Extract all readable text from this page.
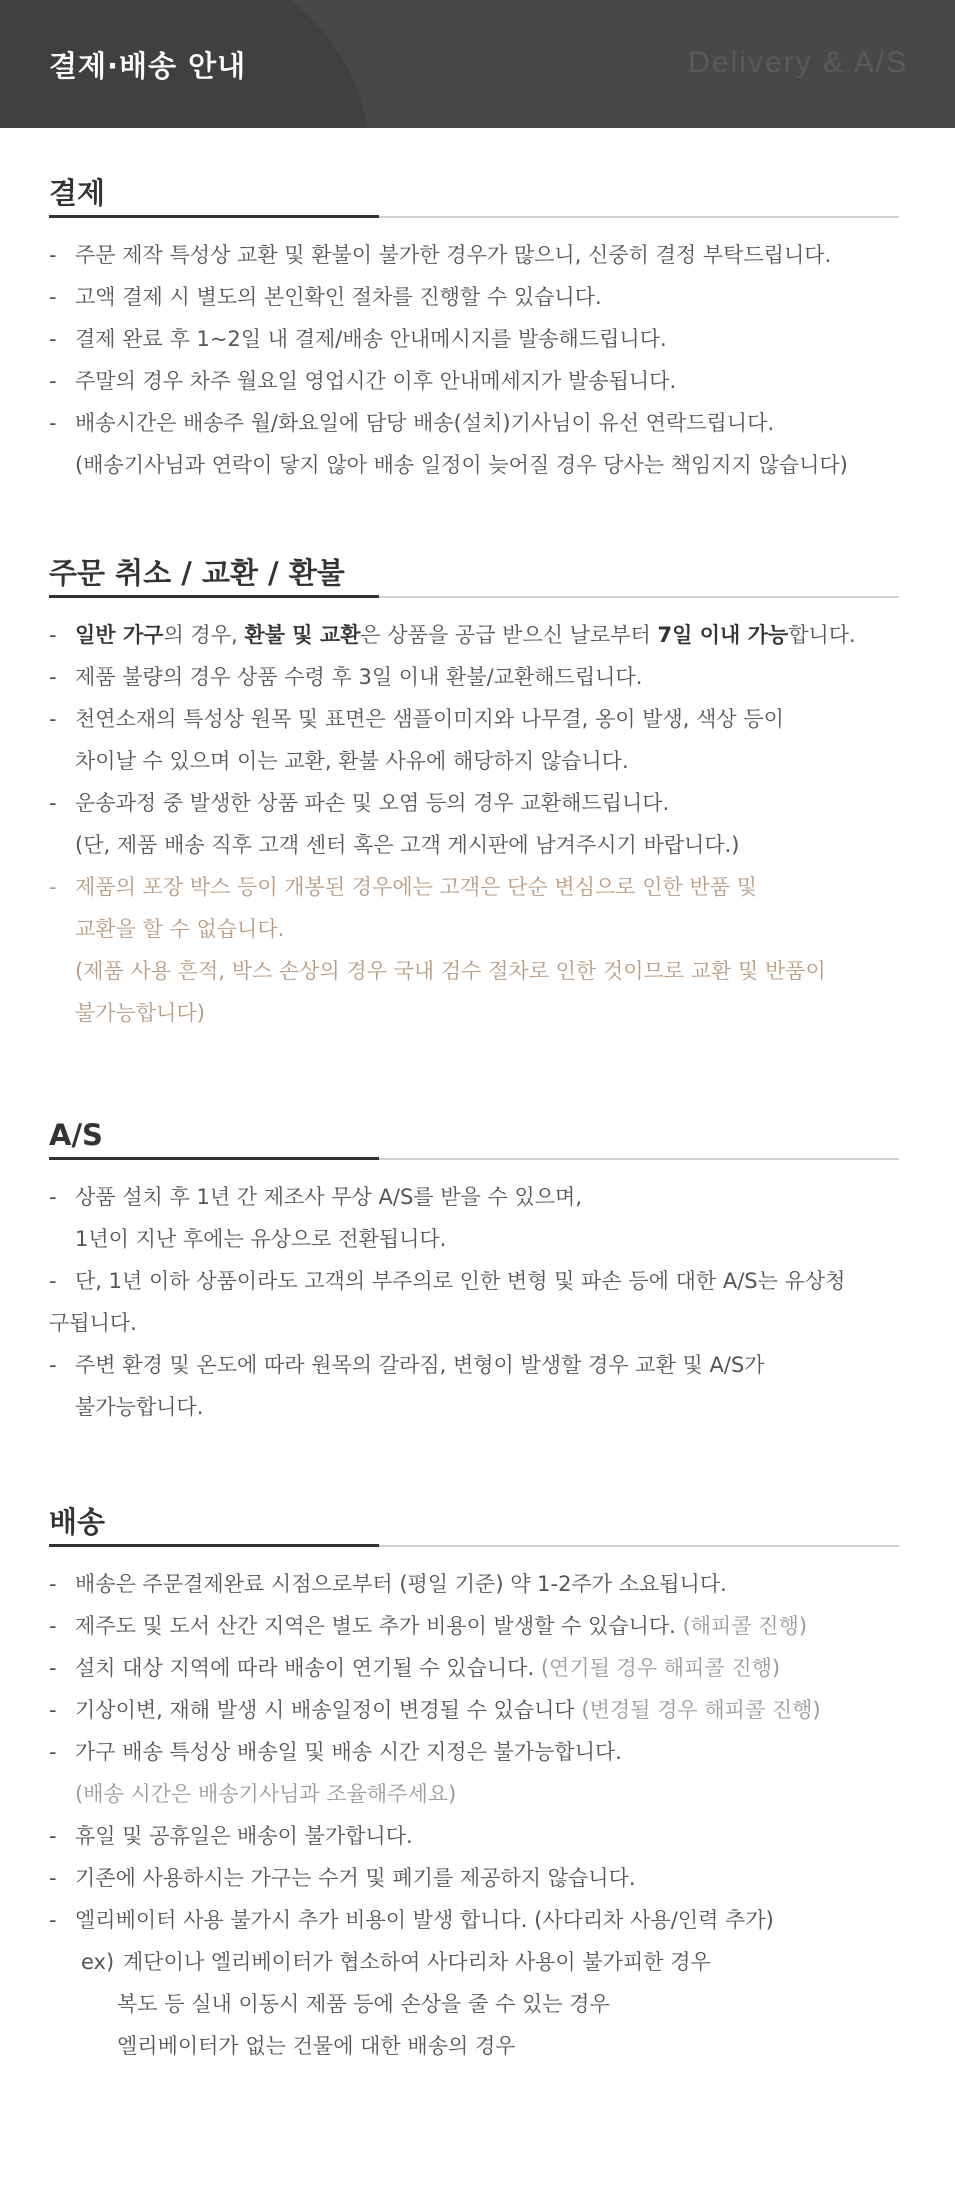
결제·배송 안내	Delivery & A/S
결제
- 주문 제작 특성상 교환 및 환불이 불가한 경우가 많으니, 신중히 결정 부탁드립니다.
- 고액 결제 시 별도의 본인확인 절차를 진행할 수 있습니다.
- 결제 완료 후 1~2일 내 결제/배송 안내메시지를 발송해드립니다.
- 주말의 경우 차주 월요일 영업시간 이후 안내메세지가 발송됩니다.
- 배송시간은 배송주 월/화요일에 담당 배송(설치)기사님이 유선 연락드립니다.
(배송기사님과 연락이 닿지 않아 배송 일정이 늦어질 경우 당사는 책임지지 않습니다)
주문 취소 / 교환 / 환불
- 일반 가구의 경우, 환불 및 교환은 상품을 공급 받으신 날로부터 7일 이내 가능합니다.
- 제품 불량의 경우 상품 수령 후 3일 이내 환불/교환해드립니다.
- 천연소재의 특성상 원목 및 표면은 샘플이미지와 나무결, 옹이 발생, 색상 등이
차이날 수 있으며 이는 교환, 환불 사유에 해당하지 않습니다.
- 운송과정 중 발생한 상품 파손 및 오염 등의 경우 교환해드립니다.
(단, 제품 배송 직후 고객 센터 혹은 고객 게시판에 남겨주시기 바랍니다.)
- 제품의 포장 박스 등이 개봉된 경우에는 고객은 단순 변심으로 인한 반품 및
교환을 할 수 없습니다.
(제품 사용 흔적, 박스 손상의 경우 국내 검수 절차로 인한 것이므로 교환 및 반품이
불가능합니다)
A/S
- 상품 설치 후 1년 간 제조사 무상 A/S를 받을 수 있으며,
1년이 지난 후에는 유상으로 전환됩니다.
- 단, 1년 이하 상품이라도 고객의 부주의로 인한 변형 및 파손 등에 대한 A/S는 유상청
구됩니다.
- 주변 환경 및 온도에 따라 원목의 갈라짐, 변형이 발생할 경우 교환 및 A/S가
불가능합니다.
배송
- 배송은 주문결제완료 시점으로부터 (평일 기준) 약 1-2주가 소요됩니다.
- 제주도 및 도서 산간 지역은 별도 추가 비용이 발생할 수 있습니다. (해피콜 진행)
- 설치 대상 지역에 따라 배송이 연기될 수 있습니다. (연기될 경우 해피콜 진행)
- 기상이변, 재해 발생 시 배송일정이 변경될 수 있습니다 (변경될 경우 해피콜 진행)
- 가구 배송 특성상 배송일 및 배송 시간 지정은 불가능합니다.
(배송 시간은 배송기사님과 조율해주세요)
- 휴일 및 공휴일은 배송이 불가합니다.
- 기존에 사용하시는 가구는 수거 및 폐기를 제공하지 않습니다.
- 엘리베이터 사용 불가시 추가 비용이 발생 합니다. (사다리차 사용/인력 추가)
ex) 계단이나 엘리베이터가 협소하여 사다리차 사용이 불가피한 경우
복도 등 실내 이동시 제품 등에 손상을 줄 수 있는 경우
엘리베이터가 없는 건물에 대한 배송의 경우
